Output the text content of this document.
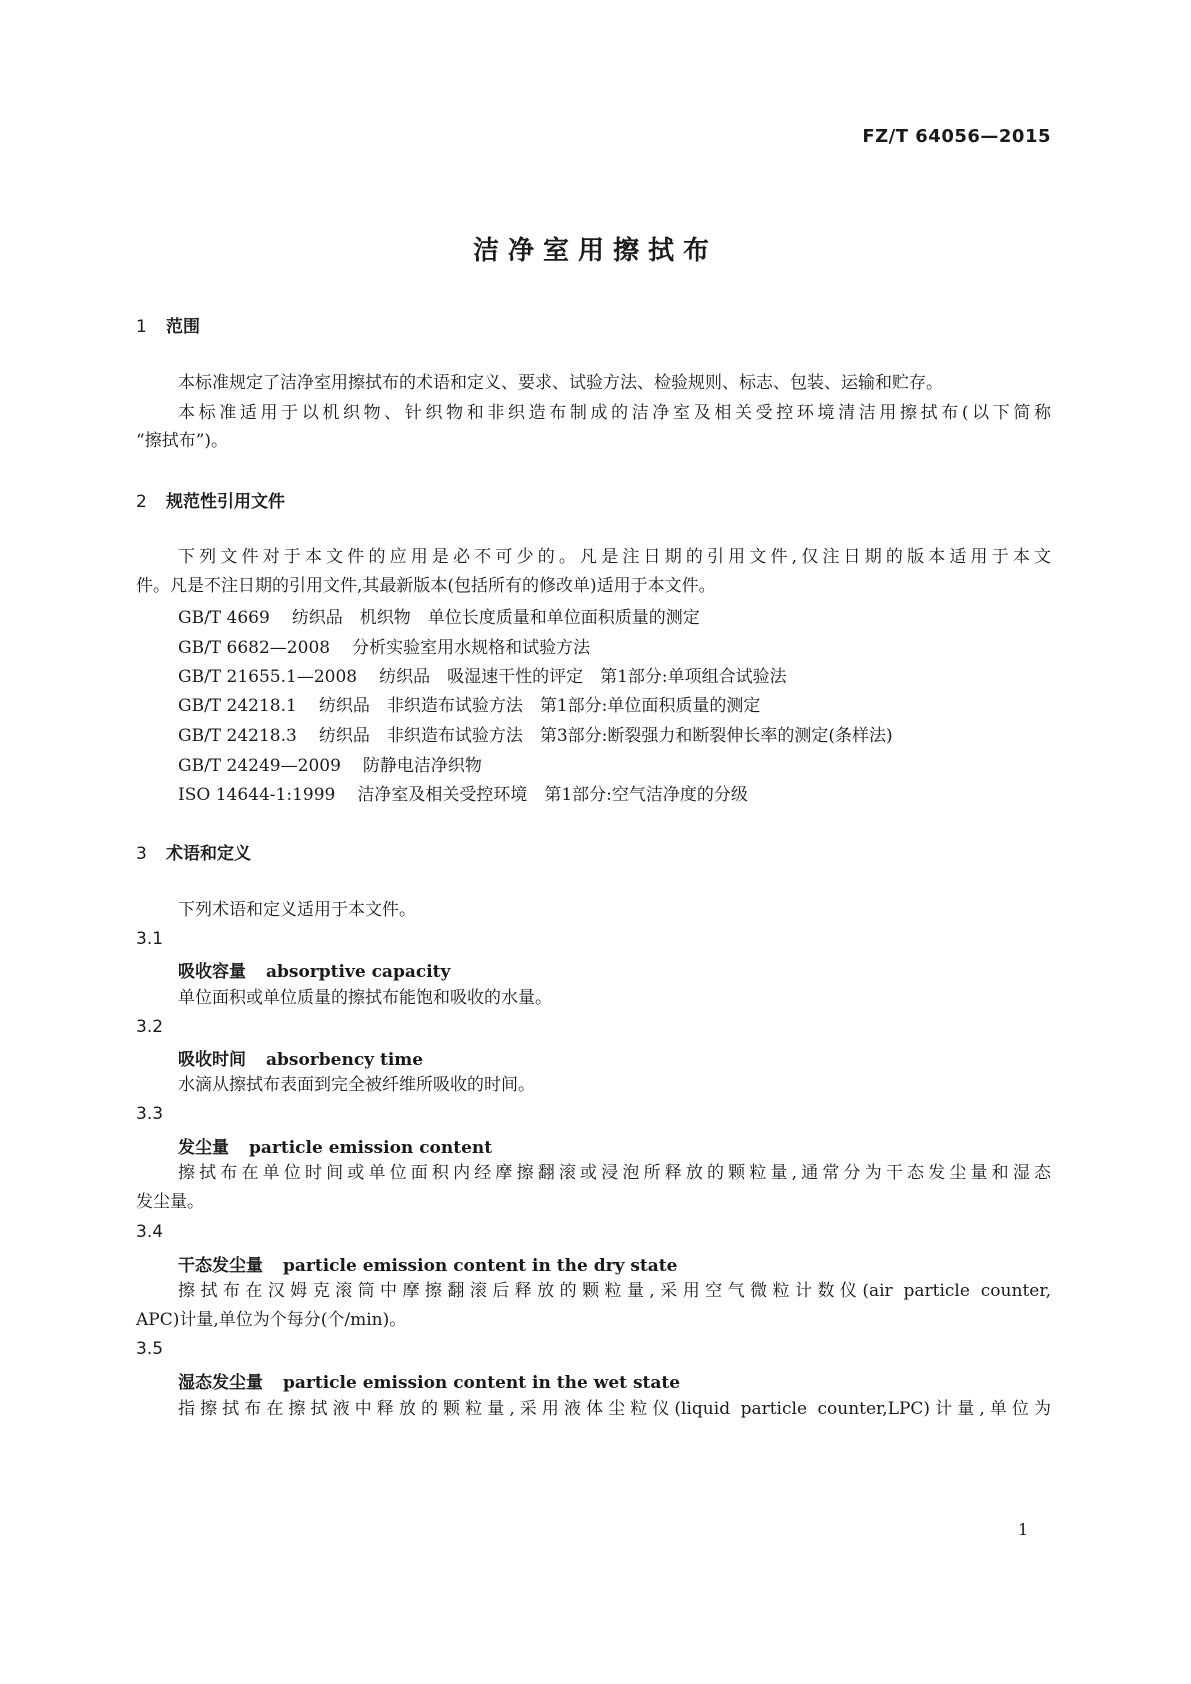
FZ/T 64056—2015
洁净室用擦拭布
1 范围
本标准规定了洁净室用擦拭布的术语和定义、要求、试验方法、检验规则、标志、包装、运输和贮存。
本标准适用于以机织物、针织物和非织造布制成的洁净室及相关受控环境清洁用擦拭布(以下简称
“擦拭布”)。
2 规范性引用文件
下列文件对于本文件的应用是必不可少的。凡是注日期的引用文件,仅注日期的版本适用于本文
件。凡是不注日期的引用文件,其最新版本(包括所有的修改单)适用于本文件。
GB/T 4669 纺织品　机织物　单位长度质量和单位面积质量的测定
GB/T 6682—2008 分析实验室用水规格和试验方法
GB/T 21655.1—2008 纺织品　吸湿速干性的评定　第1部分:单项组合试验法
GB/T 24218.1 纺织品　非织造布试验方法　第1部分:单位面积质量的测定
GB/T 24218.3 纺织品　非织造布试验方法　第3部分:断裂强力和断裂伸长率的测定(条样法)
GB/T 24249—2009 防静电洁净织物
ISO 14644-1:1999 洁净室及相关受控环境　第1部分:空气洁净度的分级
3 术语和定义
下列术语和定义适用于本文件。
3.1
吸收容量 absorptive capacity
单位面积或单位质量的擦拭布能饱和吸收的水量。
3.2
吸收时间 absorbency time
水滴从擦拭布表面到完全被纤维所吸收的时间。
3.3
发尘量 particle emission content
擦拭布在单位时间或单位面积内经摩擦翻滚或浸泡所释放的颗粒量,通常分为干态发尘量和湿态
发尘量。
3.4
干态发尘量 particle emission content in the dry state
擦拭布在汉姆克滚筒中摩擦翻滚后释放的颗粒量,采用空气微粒计数仪(air particle counter,
APC)计量,单位为个每分(个/min)。
3.5
湿态发尘量 particle emission content in the wet state
指擦拭布在擦拭液中释放的颗粒量,采用液体尘粒仪(liquid particle counter,LPC)计量,单位为
1
